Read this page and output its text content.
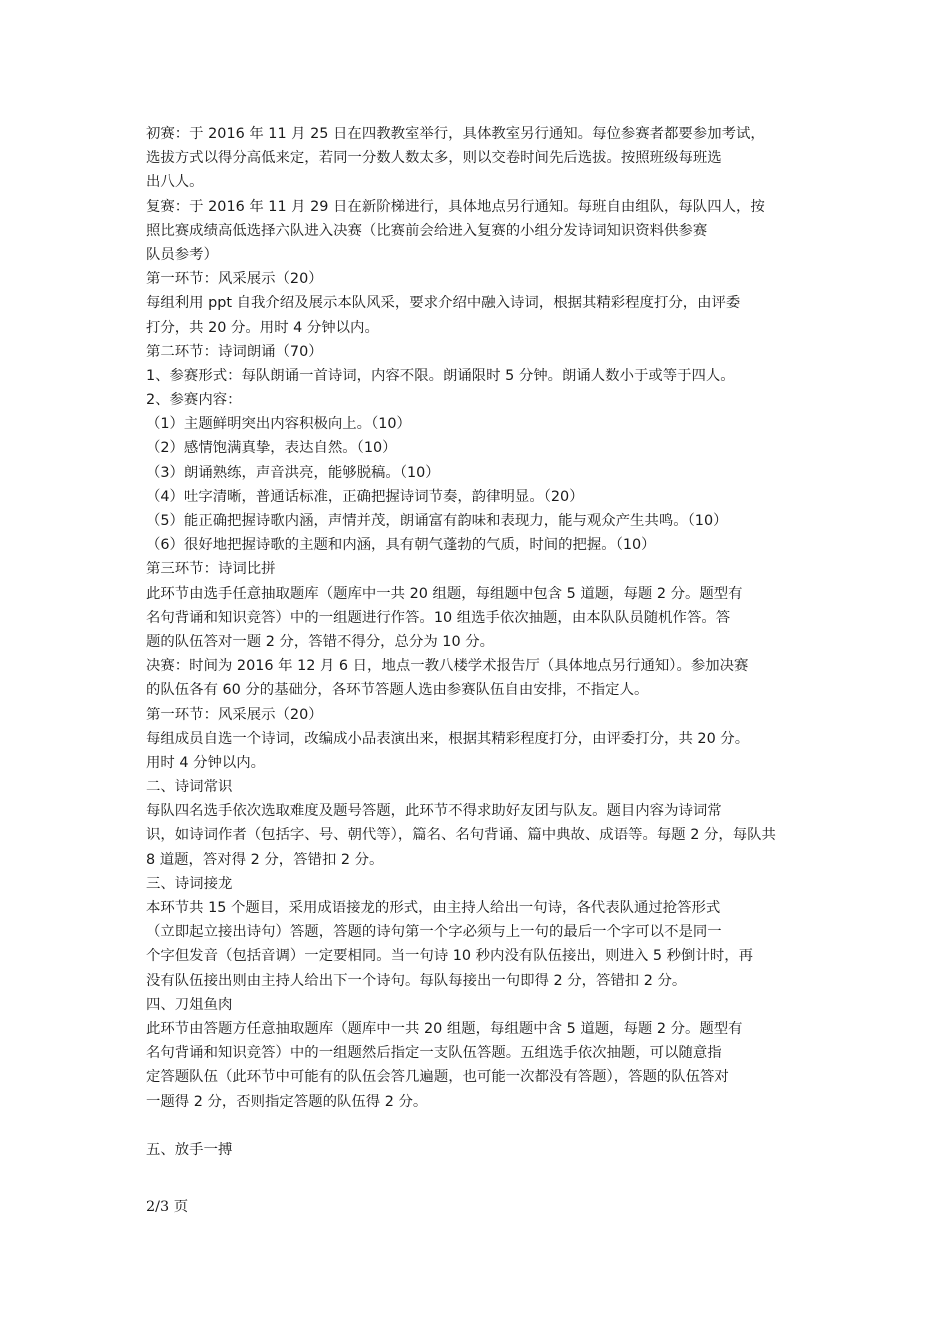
初赛：于 2016 年 11 月 25 日在四教教室举行，具体教室另行通知。每位参赛者都要参加考试，
选拔方式以得分高低来定，若同一分数人数太多，则以交卷时间先后选拔。按照班级每班选
出八人。
复赛：于 2016 年 11 月 29 日在新阶梯进行，具体地点另行通知。每班自由组队，每队四人，按
照比赛成绩高低选择六队进入决赛（比赛前会给进入复赛的小组分发诗词知识资料供参赛
队员参考）
第一环节：风采展示（20）
每组利用 ppt 自我介绍及展示本队风采，要求介绍中融入诗词，根据其精彩程度打分，由评委
打分，共 20 分。用时 4 分钟以内。
第二环节：诗词朗诵（70）
1、参赛形式：每队朗诵一首诗词，内容不限。朗诵限时 5 分钟。朗诵人数小于或等于四人。
2、参赛内容：
（1）主题鲜明突出内容积极向上。（10）
（2）感情饱满真挚，表达自然。（10）
（3）朗诵熟练，声音洪亮，能够脱稿。（10）
（4）吐字清晰，普通话标准，正确把握诗词节奏，韵律明显。（20）
（5）能正确把握诗歌内涵，声情并茂，朗诵富有韵味和表现力，能与观众产生共鸣。（10）
（6）很好地把握诗歌的主题和内涵，具有朝气蓬勃的气质，时间的把握。（10）
第三环节：诗词比拼
此环节由选手任意抽取题库（题库中一共 20 组题，每组题中包含 5 道题，每题 2 分。题型有
名句背诵和知识竞答）中的一组题进行作答。10 组选手依次抽题，由本队队员随机作答。答
题的队伍答对一题 2 分，答错不得分，总分为 10 分。
决赛：时间为 2016 年 12 月 6 日，地点一教八楼学术报告厅（具体地点另行通知）。参加决赛
的队伍各有 60 分的基础分，各环节答题人选由参赛队伍自由安排，不指定人。
第一环节：风采展示（20）
每组成员自选一个诗词，改编成小品表演出来，根据其精彩程度打分，由评委打分，共 20 分。
用时 4 分钟以内。
二、诗词常识
每队四名选手依次选取难度及题号答题，此环节不得求助好友团与队友。题目内容为诗词常
识，如诗词作者（包括字、号、朝代等），篇名、名句背诵、篇中典故、成语等。每题 2 分，每队共
8 道题，答对得 2 分，答错扣 2 分。
三、诗词接龙
本环节共 15 个题目，采用成语接龙的形式，由主持人给出一句诗，各代表队通过抢答形式
（立即起立接出诗句）答题，答题的诗句第一个字必须与上一句的最后一个字可以不是同一
个字但发音（包括音调）一定要相同。当一句诗 10 秒内没有队伍接出，则进入 5 秒倒计时，再
没有队伍接出则由主持人给出下一个诗句。每队每接出一句即得 2 分，答错扣 2 分。
四、刀俎鱼肉
此环节由答题方任意抽取题库（题库中一共 20 组题，每组题中含 5 道题，每题 2 分。题型有
名句背诵和知识竞答）中的一组题然后指定一支队伍答题。五组选手依次抽题，可以随意指
定答题队伍（此环节中可能有的队伍会答几遍题，也可能一次都没有答题），答题的队伍答对
一题得 2 分，否则指定答题的队伍得 2 分。
五、放手一搏
2/3 页
